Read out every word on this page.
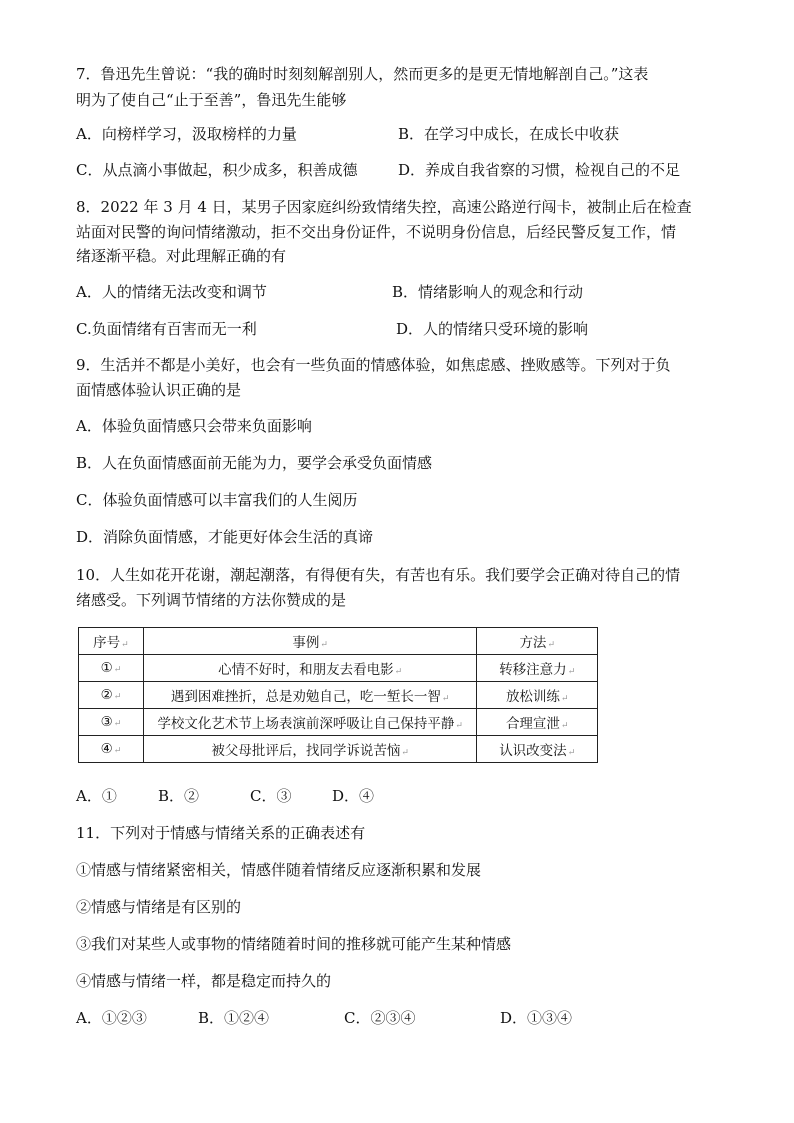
7．鲁迅先生曾说：“我的确时时刻刻解剖别人，然而更多的是更无情地解剖自己。”这表
明为了使自己“止于至善”，鲁迅先生能够
A．向榜样学习，汲取榜样的力量	B．在学习中成长，在成长中收获
C．从点滴小事做起，积少成多，积善成德	D．养成自我省察的习惯，检视自己的不足
8．2022 年 3 月 4 日，某男子因家庭纠纷致情绪失控，高速公路逆行闯卡，被制止后在检查
站面对民警的询问情绪激动，拒不交出身份证件，不说明身份信息，后经民警反复工作，情
绪逐渐平稳。对此理解正确的有
A．人的情绪无法改变和调节	B．情绪影响人的观念和行动
C.负面情绪有百害而无一利	D．人的情绪只受环境的影响
9．生活并不都是小美好，也会有一些负面的情感体验，如焦虑感、挫败感等。下列对于负
面情感体验认识正确的是
A．体验负面情感只会带来负面影响
B．人在负面情感面前无能为力，要学会承受负面情感
C．体验负面情感可以丰富我们的人生阅历
D．消除负面情感，才能更好体会生活的真谛
10．人生如花开花谢，潮起潮落，有得便有失，有苦也有乐。我们要学会正确对待自己的情
绪感受。下列调节情绪的方法你赞成的是
序号↵	事例↵	方法↵
①↵	心情不好时，和朋友去看电影↵	转移注意力↵
②↵	遇到困难挫折，总是劝勉自己，吃一堑长一智↵	放松训练↵
③↵	学校文化艺术节上场表演前深呼吸让自己保持平静↵	合理宣泄↵
④↵	被父母批评后，找同学诉说苦恼↵	认识改变法↵
A．①	B．②	C．③	D．④
11．下列对于情感与情绪关系的正确表述有
①情感与情绪紧密相关，情感伴随着情绪反应逐渐积累和发展
②情感与情绪是有区别的
③我们对某些人或事物的情绪随着时间的推移就可能产生某种情感
④情感与情绪一样，都是稳定而持久的
A．①②③	B．①②④	C．②③④	D．①③④
